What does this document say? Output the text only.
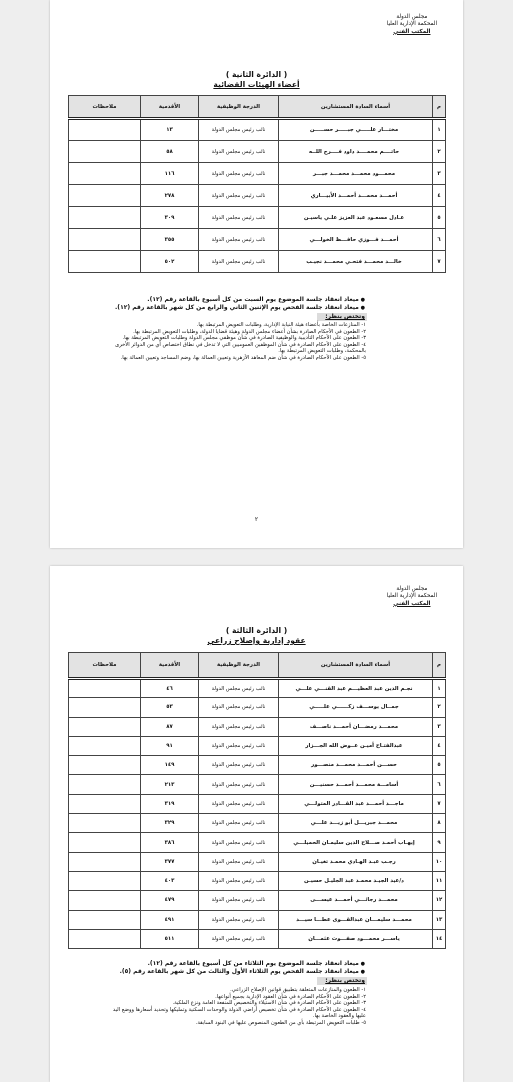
مجلس الدولة
المحكمة الإدارية العليا
المكتب الفني
( الدائرة الثانية )
أعضاء الهيئات القضائية
م	أسماء السادة المستشارين	الدرجة الوظيفية	الأقدمية	ملاحظات
١	مختـــار علـــــي جبـــــر حســـــن	نائب رئيس مجلس الدولة	١٣	
٢	حاتــــم محمــــد داود فــــرج اللــه	نائب رئيس مجلس الدولة	٥٨	
٣	محمـــود محمـــد محمـــد جبـــر	نائب رئيس مجلس الدولة	١١٦	
٤	أحمـــد محمـــد أحمـــد الأبيـــاري	نائب رئيس مجلس الدولة	٢٧٨	
٥	عـادل مسعـود عبد العزيز علـي ياسيـن	نائب رئيس مجلس الدولة	٣٠٩	
٦	أحمـــد فـــوزي حافـــظ الخولـــي	نائب رئيس مجلس الدولة	٣٥٥	
٧	خالـــد محمـــد فتحـي محمـــد نجيـب	نائب رئيس مجلس الدولة	٥٠٢	
● ميعاد انعقاد جلسة الموضوع يوم السبت من كل أسبوع بالقاعة رقم (١٢).
● ميعاد انعقاد جلسة الفحص يوم الإثنين الثاني والرابع من كل شهر بالقاعة رقم (١٢).
وتختص بنظر:
١- المنازعات الخاصة بأعضاء هيئة النيابة الإدارية، وطلبات التعويض المرتبطة بها.
٢- الطعون في الأحكام الصادرة بشأن أعضاء مجلس الدولة وهيئة قضايا الدولة، وطلبات التعويض المرتبطة بها.
٣- الطعون على الأحكام التأديبية والوظيفية الصادرة في شأن موظفي مجلس الدولة وطلبات التعويض المرتبطة بها.
٤- الطعون على الأحكام الصادرة في شأن الموظفين العموميين التي لا تدخل في نطاق اختصاص أي من الدوائر الأخرى
بالمحكمة، وطلبات التعويض المرتبطة بها.
٥- الطعون على الأحكام الصادرة في شأن ضم المعاهد الأزهرية وتعيين العمالة بها، وضم المساجد وتعيين العمالة بها.
٢
مجلس الدولة
المحكمة الإدارية العليا
المكتب الفني
( الدائرة الثالثة )
عقود إدارية وإصلاح زراعي
م	أسماء السادة المستشارين	الدرجة الوظيفية	الأقدمية	ملاحظات
١	نجـم الدين عبد العظيـــم عبد القنـــي علـــي	نائب رئيس مجلس الدولة	٤٦	
٢	جمــال يوســـف زكــــــي علـــــي	نائب رئيس مجلس الدولة	٥٣	
٣	محمـــد رمضـــان أحمـــد ناصـــف	نائب رئيس مجلس الدولة	٨٧	
٤	عبدالفتـاح أميـن عــوض الله الجـــزار	نائب رئيس مجلس الدولة	٩١	
٥	حســـن أحمـــد محمـــد منصـــور	نائب رئيس مجلس الدولة	١٤٩	
٦	أسامـــة محمـــد أحمـــد حسنيـــن	نائب رئيس مجلس الدولة	٢١٣	
٧	ماجـــد أحمـــد عبد القـــادر المتولـــي	نائب رئيس مجلس الدولة	٣١٩	
٨	محمـــد جبريـــل أبو زيـــد علـــي	نائب رئيس مجلس الدولة	٣٢٩	
٩	إيهـاب أحمـد صـــلاح الدين سليمـان الحميلـــي	نائب رئيس مجلس الدولة	٣٨٦	
١٠	رجـب عبـد الهـادي محمـد تغيـان	نائب رئيس مجلس الدولة	٣٧٧	
١١	د/عيد الجيـد محمـد عبد الجليـل حسيـن	نائب رئيس مجلس الدولة	٤٠٣	
١٢	محمـــد رجائـــي أحمـــد عيســـى	نائب رئيس مجلس الدولة	٤٧٩	
١٣	محمـــد سليمـــان عبدالقـــوى عطـــا سيـــد	نائب رئيس مجلس الدولة	٤٩١	
١٤	ياســـر محمـــود صفـــوت عثمـــان	نائب رئيس مجلس الدولة	٥١١	
● ميعاد انعقاد جلسة الموضوع يوم الثلاثاء من كل أسبوع بالقاعة رقم (١٢).
● ميعاد انعقاد جلسة الفحص يوم الثلاثاء الأول والثالث من كل شهر بالقاعة رقم (٥).
وتختص بنظر:
١- الطعون والمنازعات المتعلقة بتطبيق قوانين الإصلاح الزراعي.
٢- الطعون على الأحكام الصادرة في شأن العقود الإدارية بجميع أنواعها.
٣- الطعون على الأحكام الصادرة في شأن الاستيلاء والتخصيص للمنفعة العامة ونزع الملكية.
٤- الطعون على الأحكام الصادرة في شأن تخصيص أراضي الدولة والوحدات السكنية وتمليكها وتحديد أسعارها ووضع اليد
عليها والعقود الخاصة بها.
٥- طلبات التعويض المرتبطة بأي من الطعون المنصوص عليها في البنود السابقة.
